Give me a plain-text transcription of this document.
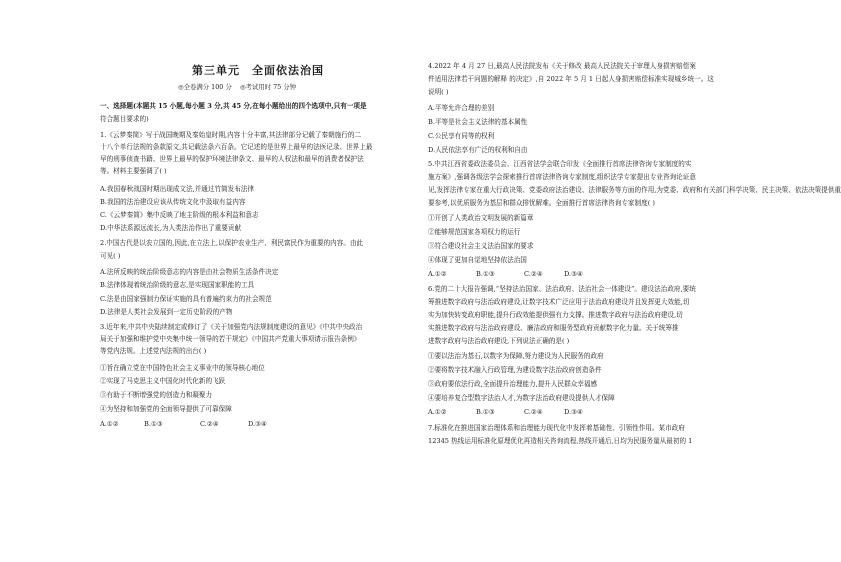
第三单元 全面依法治国
◎全卷满分 100 分 ◎考试用时 75 分钟
一、选择题(本题共 15 小题,每小题 3 分,共 45 分,在每小题给出的四个选项中,只有一项是
符合题目要求的)
1.《云梦秦简》写于战国晚期及秦始皇时期,内容十分丰富,其法律部分记载了秦朝施行的二
十八个单行法规的条款原文,共记载法条六百条。它记述的是世界上最早的法医记录、世界上最
早的刑事侦查书籍、世界上最早的保护环境法律条文、最早的人权法和最早的消费者保护法
等。材料主要强调了( )
A.我国春秋战国时期出现成文法,并通过竹简发布法律
B.我国的法治建设应该从传统文化中汲取有益内容
C.《云梦秦简》集中反映了地主阶级的根本利益和意志
D.中华法系源远流长,为人类法治作出了重要贡献
2.中国古代是以农立国的,因此,在立法上,以保护农业生产、利民富民作为重要的内容。由此
可见( )
A.法所反映的统治阶级意志的内容是由社会物质生活条件决定
B.法律体现着统治阶级的意志,是实现国家职能的工具
C.法是由国家强制力保证实施的具有普遍约束力的社会规范
D.法律是人类社会发展到一定历史阶段的产物
3.近年来,中共中央陆续制定或修订了《关于加强党内法规制度建设的意见》《中共中央政治
局关于加强和维护党中央集中统一领导的若干规定》《中国共产党重大事项请示报告条例》
等党内法规。上述党内法规的出台( )
①旨在确立党在中国特色社会主义事业中的领导核心地位
②实现了马克思主义中国化时代化新的飞跃
③有助于不断增强党的创造力和凝聚力
④为坚持和加强党的全面领导提供了可靠保障
A.①②	B.①③	C.②④	D.③④
4.2022 年 4 月 27 日,最高人民法院发布《关于修改 最高人民法院关于审理人身损害赔偿案
件适用法律若干问题的解释 的决定》,自 2022 年 5 月 1 日起人身损害赔偿标准实现城乡统一。这
说明( )
A.平等允许合理的差别
B.平等是社会主义法律的基本属性
C.公民享有同等的权利
D.人民依法享有广泛的权利和自由
5.中共江西省委政法委员会、江西省法学会联合印发《全面推行首席法律咨询专家制度的实
施方案》,强调各级法学会探索推行首席法律咨询专家制度,组织法学专家提出专业咨询论证意
见,发挥法律专家在重大行政决策、党委政府法治建设、法律服务等方面的作用,为党委、政府和有关部门科学决策、民主决策、依法决策提供重
要参考,以优质服务为基层和群众排忧解难。全面推行首席法律咨询专家制度( )
①开创了人类政治文明发展的新篇章
②能够规范国家各项权力的运行
③符合建设社会主义法治国家的要求
④体现了更加自觉地坚持依法治国
A.①②	B.①③	C.②④	D.③④
6.党的二十大报告强调,“坚持法治国家、法治政府、法治社会一体建设”。建设法治政府,要统
筹推进数字政府与法治政府建设,让数字技术广泛应用于法治政府建设并且发挥更大效能,切
实为加快转变政府职能,提升行政效能提供强有力支撑。推进数字政府与法治政府建设,切
实推进数字政府与法治政府建设、廉洁政府和服务型政府贡献数字化力量。关于统筹推
进数字政府与法治政府建设,下列说法正确的是( )
①要以法治为基石,以数字为保障,努力建设为人民服务的政府
②要将数字技术融入行政管理,为建设数字法治政府创造条件
③政府要依法行政,全面提升治理能力,提升人民群众幸福感
④要培养复合型数字法治人才,为数字法治政府建设提供人才保障
A.①②	B.①③	C.②④	D.③④
7.标准化在推进国家治理体系和治理能力现代化中发挥着基础性、引领性作用。某市政府
12345 热线运用标准化原理优化再造相关咨询流程,热线开通后,日均为民服务量从最初的 1
